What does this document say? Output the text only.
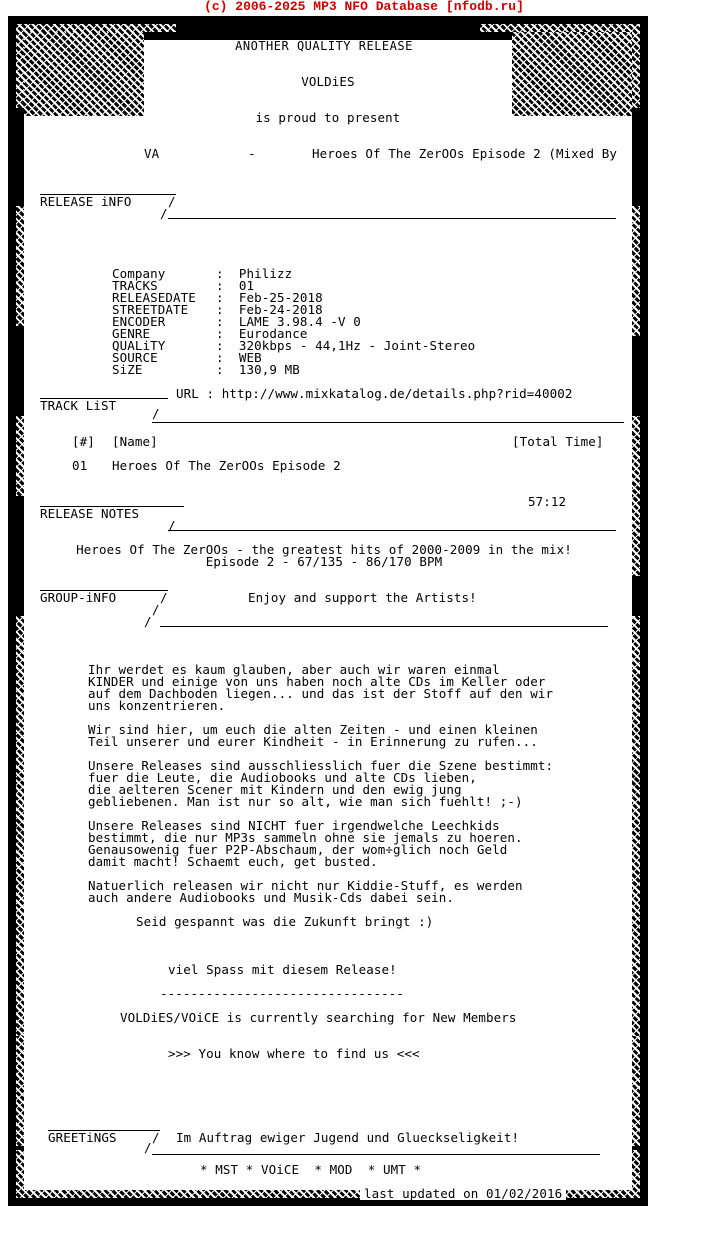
(c) 2006-2025 MP3 NFO Database [nfodb.ru]
ANOTHER QUALITY RELEASE
VOLDiES
is proud to present
VA	-	Heroes Of The ZerOOs Episode 2 (Mixed By
RELEASE iNFO	/
/
Company	:  Philizz
TRACKS	:  01
RELEASEDATE :  Feb-25-2018
STREETDATE :  Feb-24-2018
ENCODER	:  LAME 3.98.4 -V 0
GENRE	:  Eurodance
QUALiTY	:  320kbps - 44,1Hz - Joint-Stereo
SOURCE	:  WEB
SiZE	:  130,9 MB
URL : http://www.mixkatalog.de/details.php?rid=40002
TRACK LiST
/
[#] [Name]	[Total Time]
01 Heroes Of The ZerOOs Episode 2
57:12
RELEASE NOTES
/
Heroes Of The ZerOOs - the greatest hits of 2000-2009 in the mix!
Episode 2 - 67/135 - 86/170 BPM
GROUP-iNFO	/
/
/
Enjoy and support the Artists!
Ihr werdet es kaum glauben, aber auch wir waren einmal
KINDER und einige von uns haben noch alte CDs im Keller oder
auf dem Dachboden liegen... und das ist der Stoff auf den wir
uns konzentrieren.
Wir sind hier, um euch die alten Zeiten - und einen kleinen
Teil unserer und eurer Kindheit - in Erinnerung zu rufen...
Unsere Releases sind ausschliesslich fuer die Szene bestimmt:
fuer die Leute, die Audiobooks und alte CDs lieben,
die aelteren Scener mit Kindern und den ewig jung
gebliebenen. Man ist nur so alt, wie man sich fuehlt! ;-)
Unsere Releases sind NICHT fuer irgendwelche Leechkids
bestimmt, die nur MP3s sammeln ohne sie jemals zu hoeren.
Genausowenig fuer P2P-Abschaum, der wom÷glich noch Geld
damit macht! Schaemt euch, get busted.
Natuerlich releasen wir nicht nur Kiddie-Stuff, es werden
auch andere Audiobooks und Musik-Cds dabei sein.
Seid gespannt was die Zukunft bringt :)
viel Spass mit diesem Release!
--------------------------------
VOLDiES/VOiCE is currently searching for New Members
>>> You know where to find us <<<
GREETiNGS	/
/
Im Auftrag ewiger Jugend und Glueckseligkeit!
* MST * VOiCE  * MOD  * UMT *
last updated on 01/02/2016
